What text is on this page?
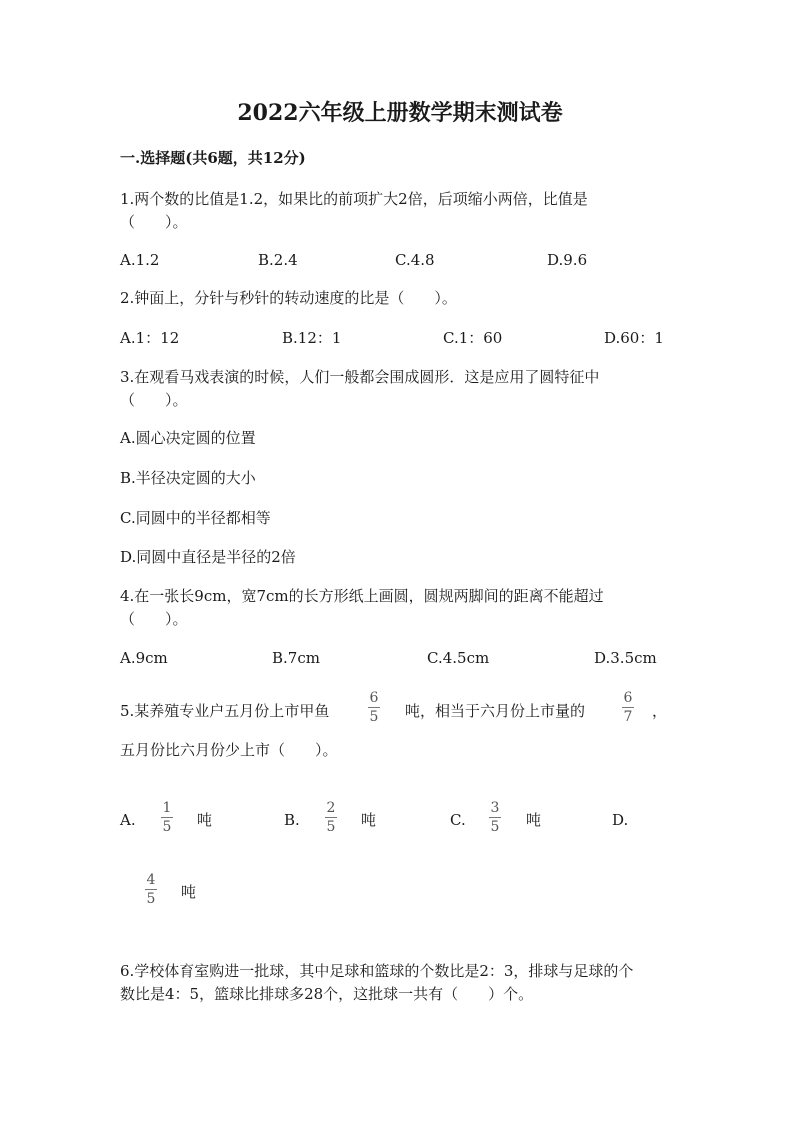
2022六年级上册数学期末测试卷
一.选择题(共6题，共12分)
1.两个数的比值是1.2，如果比的前项扩大2倍，后项缩小两倍，比值是
（　　）。
A.1.2	B.2.4	C.4.8	D.9.6
2.钟面上，分针与秒针的转动速度的比是（　　）。
A.1：12	B.12：1	C.1：60	D.60：1
3.在观看马戏表演的时候，人们一般都会围成圆形．这是应用了圆特征中
（　　）。
A.圆心决定圆的位置
B.半径决定圆的大小
C.同圆中的半径都相等
D.同圆中直径是半径的2倍
4.在一张长9cm，宽7cm的长方形纸上画圆，圆规两脚间的距离不能超过
（　　）。
A.9cm	B.7cm	C.4.5cm	D.3.5cm
5.某养殖专业户五月份上市甲鱼
6
5 吨，相当于六月份上市量的
6
7 ，
五月份比六月份少上市（　　）。
A.
1
5 吨	B.
2
5 吨	C.
3
5 吨	D.
4
5 吨
6.学校体育室购进一批球，其中足球和篮球的个数比是2：3，排球与足球的个
数比是4：5，篮球比排球多28个，这批球一共有（　　）个。
